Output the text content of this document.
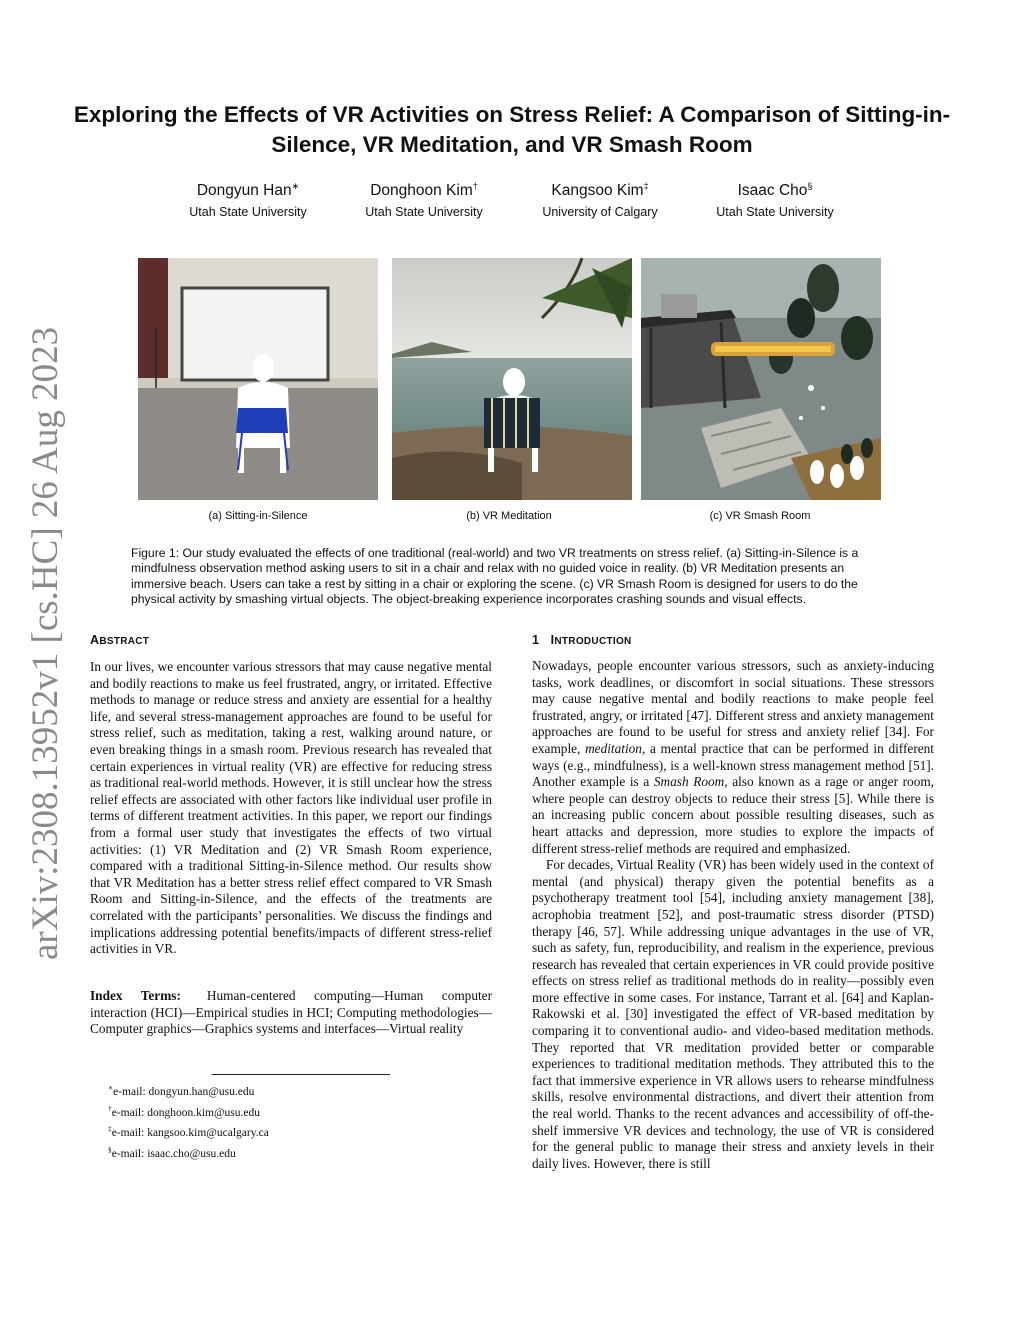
arXiv:2308.13952v1 [cs.HC] 26 Aug 2023
Exploring the Effects of VR Activities on Stress Relief: A Comparison of Sitting-in-Silence, VR Meditation, and VR Smash Room
Dongyun Han∗
Utah State University
Donghoon Kim†
Utah State University
Kangsoo Kim‡
University of Calgary
Isaac Cho§
Utah State University
(a) Sitting-in-Silence	(b) VR Meditation	(c) VR Smash Room
Figure 1: Our study evaluated the effects of one traditional (real-world) and two VR treatments on stress relief. (a) Sitting-in-Silence is a mindfulness observation method asking users to sit in a chair and relax with no guided voice in reality. (b) VR Meditation presents an immersive beach. Users can take a rest by sitting in a chair or exploring the scene. (c) VR Smash Room is designed for users to do the physical activity by smashing virtual objects. The object-breaking experience incorporates crashing sounds and visual effects.
ABSTRACT

In our lives, we encounter various stressors that may cause negative mental and bodily reactions to make us feel frustrated, angry, or irritated. Effective methods to manage or reduce stress and anxiety are essential for a healthy life, and several stress-management approaches are found to be useful for stress relief, such as meditation, taking a rest, walking around nature, or even breaking things in a smash room. Previous research has revealed that certain experiences in virtual reality (VR) are effective for reducing stress as traditional real-world methods. However, it is still unclear how the stress relief effects are associated with other factors like individual user profile in terms of different treatment activities. In this paper, we report our findings from a formal user study that investigates the effects of two virtual activities: (1) VR Meditation and (2) VR Smash Room experience, compared with a traditional Sitting-in-Silence method. Our results show that VR Meditation has a better stress relief effect compared to VR Smash Room and Sitting-in-Silence, and the effects of the treatments are correlated with the participants’ personalities. We discuss the findings and implications addressing potential benefits/impacts of different stress-relief activities in VR.

Index Terms: Human-centered computing—Human computer interaction (HCI)—Empirical studies in HCI; Computing methodologies—Computer graphics—Graphics systems and interfaces—Virtual reality
∗e-mail: dongyun.han@usu.edu
†e-mail: donghoon.kim@usu.edu
‡e-mail: kangsoo.kim@ucalgary.ca
§e-mail: isaac.cho@usu.edu
1 INTRODUCTION

Nowadays, people encounter various stressors, such as anxiety-inducing tasks, work deadlines, or discomfort in social situations. These stressors may cause negative mental and bodily reactions to make people feel frustrated, angry, or irritated [47]. Different stress and anxiety management approaches are found to be useful for stress and anxiety relief [34]. For example, meditation, a mental practice that can be performed in different ways (e.g., mindfulness), is a well-known stress management method [51]. Another example is a Smash Room, also known as a rage or anger room, where people can destroy objects to reduce their stress [5]. While there is an increasing public concern about possible resulting diseases, such as heart attacks and depression, more studies to explore the impacts of different stress-relief methods are required and emphasized.

For decades, Virtual Reality (VR) has been widely used in the context of mental (and physical) therapy given the potential benefits as a psychotherapy treatment tool [54], including anxiety management [38], acrophobia treatment [52], and post-traumatic stress disorder (PTSD) therapy [46, 57]. While addressing unique advantages in the use of VR, such as safety, fun, reproducibility, and realism in the experience, previous research has revealed that certain experiences in VR could provide positive effects on stress relief as traditional methods do in reality—possibly even more effective in some cases. For instance, Tarrant et al. [64] and Kaplan-Rakowski et al. [30] investigated the effect of VR-based meditation by comparing it to conventional audio- and video-based meditation methods. They reported that VR meditation provided better or comparable experiences to traditional meditation methods. They attributed this to the fact that immersive experience in VR allows users to rehearse mindfulness skills, resolve environmental distractions, and divert their attention from the real world. Thanks to the recent advances and accessibility of off-the-shelf immersive VR devices and technology, the use of VR is considered for the general public to manage their stress and anxiety levels in their daily lives. However, there is still
